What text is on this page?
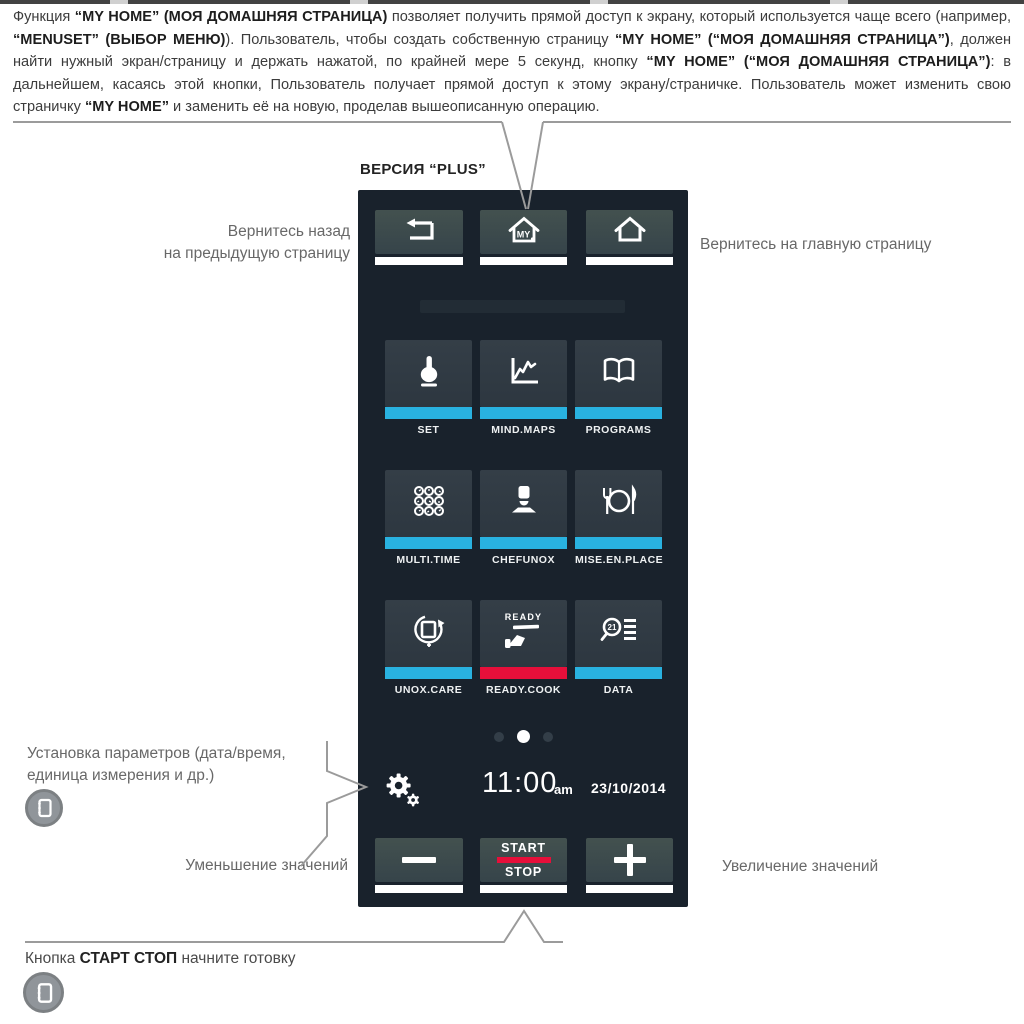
Функция “MY HOME” (МОЯ ДОМАШНЯЯ СТРАНИЦА) позволяет получить прямой доступ к экрану, который используется чаще всего (например, “MENUSET” (ВЫБОР МЕНЮ)). Пользователь, чтобы создать собственную страницу “MY HOME” (“МОЯ ДОМАШНЯЯ СТРАНИЦА”), должен найти нужный экран/страницу и держать нажатой, по крайней мере 5 секунд, кнопку “MY HOME” (“МОЯ ДОМАШНЯЯ СТРАНИЦА”): в дальнейшем, касаясь этой кнопки, Пользователь получает прямой доступ к этому экрану/страничке. Пользователь может изменить свою страничку “MY HOME” и заменить её на новую, проделав вышеописанную операцию.

ВЕРСИЯ “PLUS”
MY
SET	MIND.MAPS	PROGRAMS
MULTI.TIME	CHEFUNOX	MISE.EN.PLACE
UNOX.CARE
READY
READY.COOK
21
DATA
11:00
am 23/10/2014
START
STOP
Вернитесь назад
на предыдущую страницу	Вернитесь на главную страницу
Установка параметров (дата/время,
единица измерения и др.)
Уменьшение значений	Увеличение значений
Кнопка СТАРТ СТОП начните готовку
